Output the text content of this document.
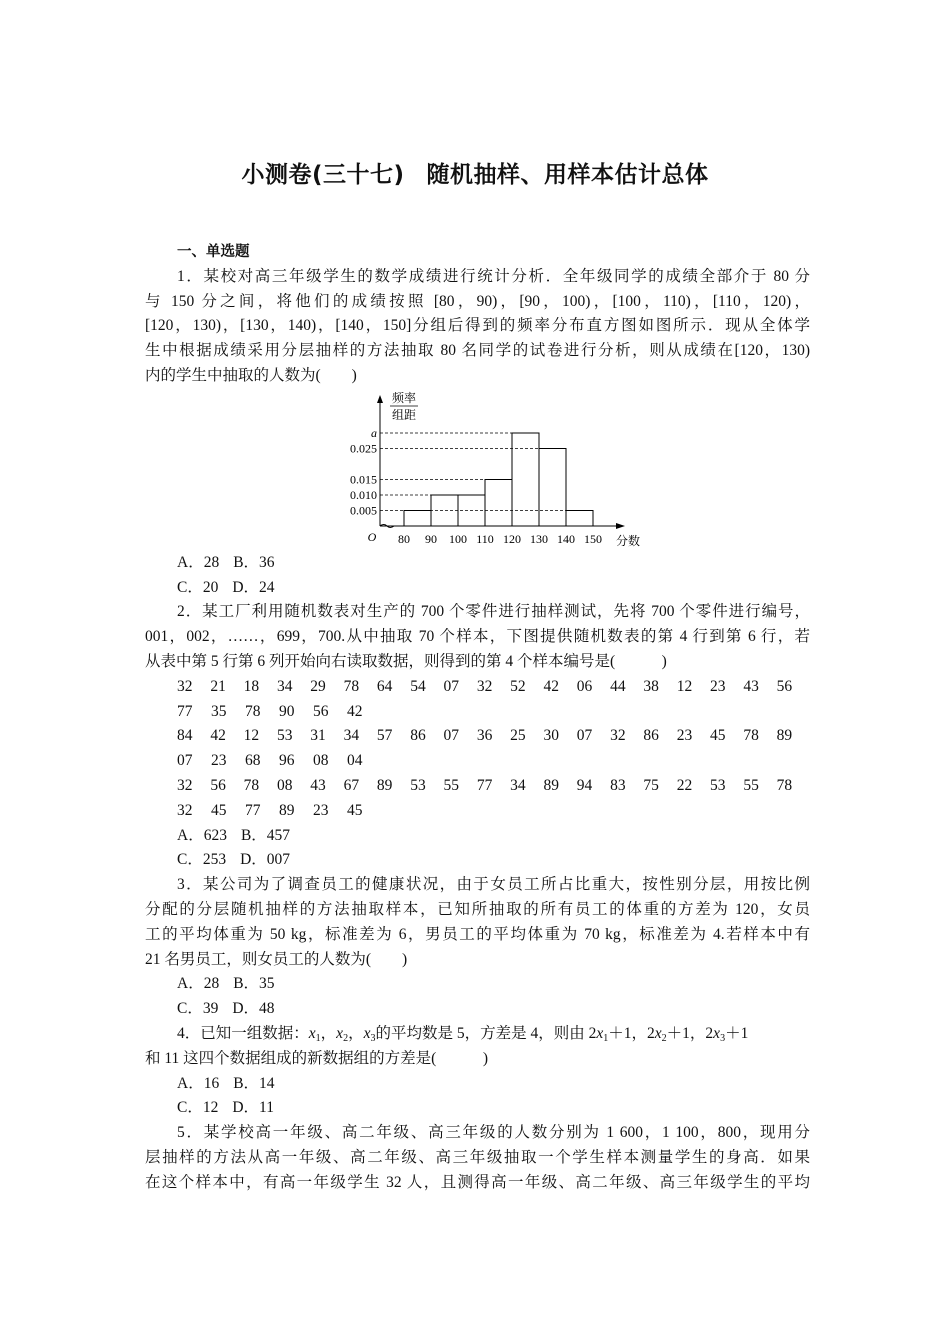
小测卷(三十七) 随机抽样、用样本估计总体
一、单选题
1．某校对高三年级学生的数学成绩进行统计分析．全年级同学的成绩全部介于 80 分
与 150 分之间，将他们的成绩按照 [80，90)，[90，100)，[100，110)，[110，120)，
[120，130)，[130，140)，[140，150]分组后得到的频率分布直方图如图所示．现从全体学
生中根据成绩采用分层抽样的方法抽取 80 名同学的试卷进行分析，则从成绩在[120，130)
内的学生中抽取的人数为(　　)
频率
组距
0.005
0.010
0.015
0.025
a
80 90 100 110 120 130 140 150
O	分数
A．28 B．36
C．20 D．24
2．某工厂利用随机数表对生产的 700 个零件进行抽样测试，先将 700 个零件进行编号，
001，002，……，699，700.从中抽取 70 个样本，下图提供随机数表的第 4 行到第 6 行，若
从表中第 5 行第 6 列开始向右读取数据，则得到的第 4 个样本编号是(　　　)
32	21	18	34	29	78	64	54	07	32	52	42	06	44	38	12	23	43	56
77	35	78	90	56	42
84	42	12	53	31	34	57	86	07	36	25	30	07	32	86	23	45	78	89
07	23	68	96	08	04
32	56	78	08	43	67	89	53	55	77	34	89	94	83	75	22	53	55	78
32	45	77	89	23	45
A．623 B．457
C．253 D．007
3．某公司为了调查员工的健康状况，由于女员工所占比重大，按性别分层，用按比例
分配的分层随机抽样的方法抽取样本，已知所抽取的所有员工的体重的方差为 120，女员
工的平均体重为 50 kg，标准差为 6，男员工的平均体重为 70 kg，标准差为 4.若样本中有
21 名男员工，则女员工的人数为(　　)
A．28 B．35
C．39 D．48
4．已知一组数据：$x_1$，$x_2$，$x_3$的平均数是 5，方差是 4，则由 $2x_1+1$，$2x_2+1$，$2x_3+1$
和 11 这四个数据组成的新数据组的方差是(　　　)
A．16 B．14
C．12 D．11
5．某学校高一年级、高二年级、高三年级的人数分别为 1 600，1 100，800，现用分
层抽样的方法从高一年级、高二年级、高三年级抽取一个学生样本测量学生的身高．如果
在这个样本中，有高一年级学生 32 人，且测得高一年级、高二年级、高三年级学生的平均
